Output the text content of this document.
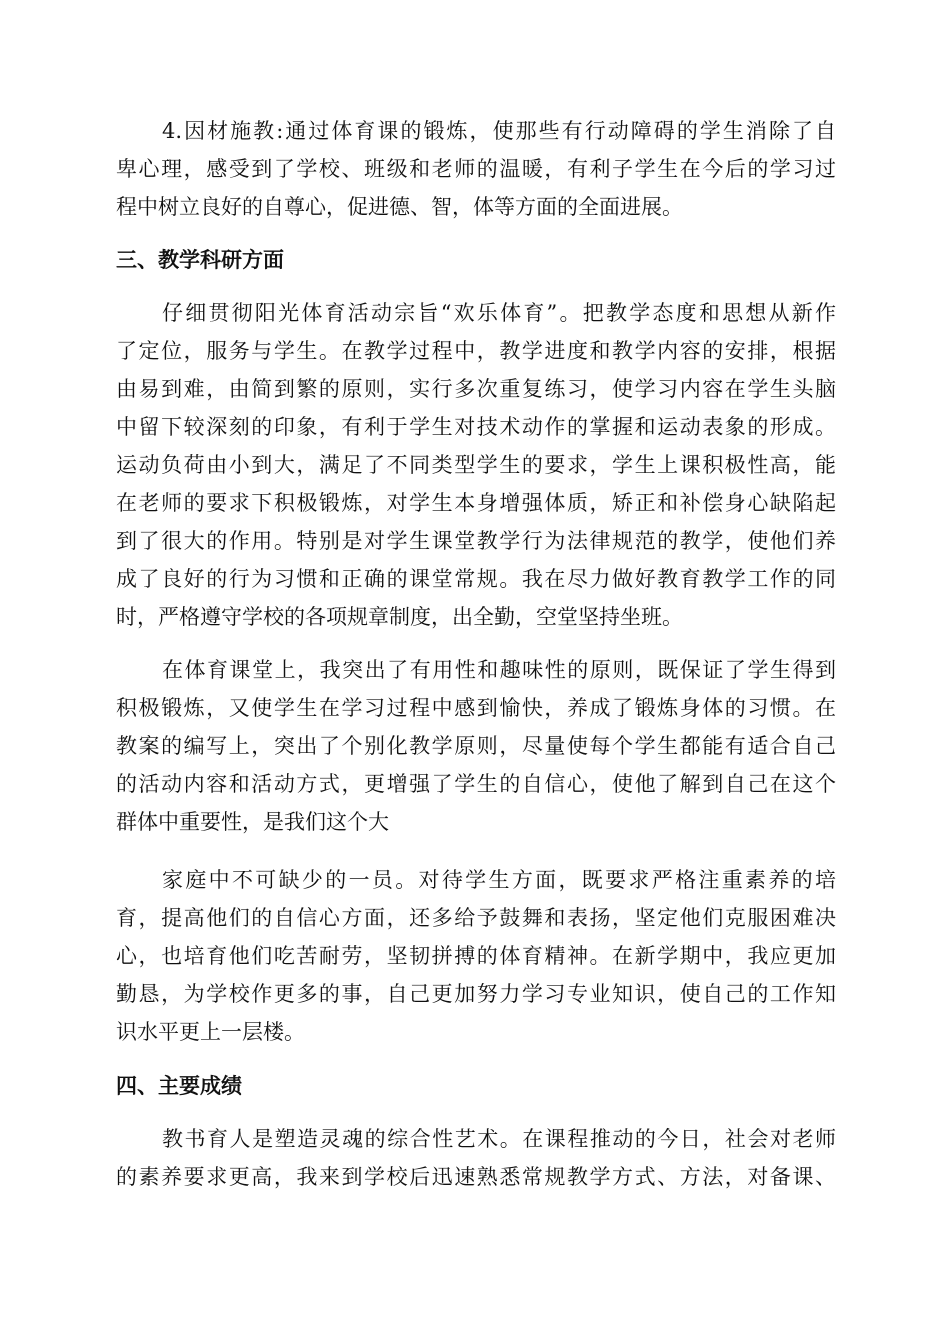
4.因材施教:通过体育课的锻炼，使那些有行动障碍的学生消除了自
卑心理，感受到了学校、班级和老师的温暖，有利子学生在今后的学习过
程中树立良好的自尊心，促进德、智，体等方面的全面进展。
三、教学科研方面
仔细贯彻阳光体育活动宗旨“欢乐体育”。把教学态度和思想从新作
了定位，服务与学生。在教学过程中，教学进度和教学内容的安排，根据
由易到难，由简到繁的原则，实行多次重复练习，使学习内容在学生头脑
中留下较深刻的印象，有利于学生对技术动作的掌握和运动表象的形成。
运动负荷由小到大，满足了不同类型学生的要求，学生上课积极性高，能
在老师的要求下积极锻炼，对学生本身增强体质，矫正和补偿身心缺陷起
到了很大的作用。特别是对学生课堂教学行为法律规范的教学，使他们养
成了良好的行为习惯和正确的课堂常规。我在尽力做好教育教学工作的同
时，严格遵守学校的各项规章制度，出全勤，空堂坚持坐班。
在体育课堂上，我突出了有用性和趣味性的原则，既保证了学生得到
积极锻炼，又使学生在学习过程中感到愉快，养成了锻炼身体的习惯。在
教案的编写上，突出了个别化教学原则，尽量使每个学生都能有适合自己
的活动内容和活动方式，更增强了学生的自信心，使他了解到自己在这个
群体中重要性，是我们这个大
家庭中不可缺少的一员。对待学生方面，既要求严格注重素养的培
育，提高他们的自信心方面，还多给予鼓舞和表扬，坚定他们克服困难决
心，也培育他们吃苦耐劳，坚韧拼搏的体育精神。在新学期中，我应更加
勤恳，为学校作更多的事，自己更加努力学习专业知识，使自己的工作知
识水平更上一层楼。
四、主要成绩
教书育人是塑造灵魂的综合性艺术。在课程推动的今日，社会对老师
的素养要求更高，我来到学校后迅速熟悉常规教学方式、方法，对备课、
